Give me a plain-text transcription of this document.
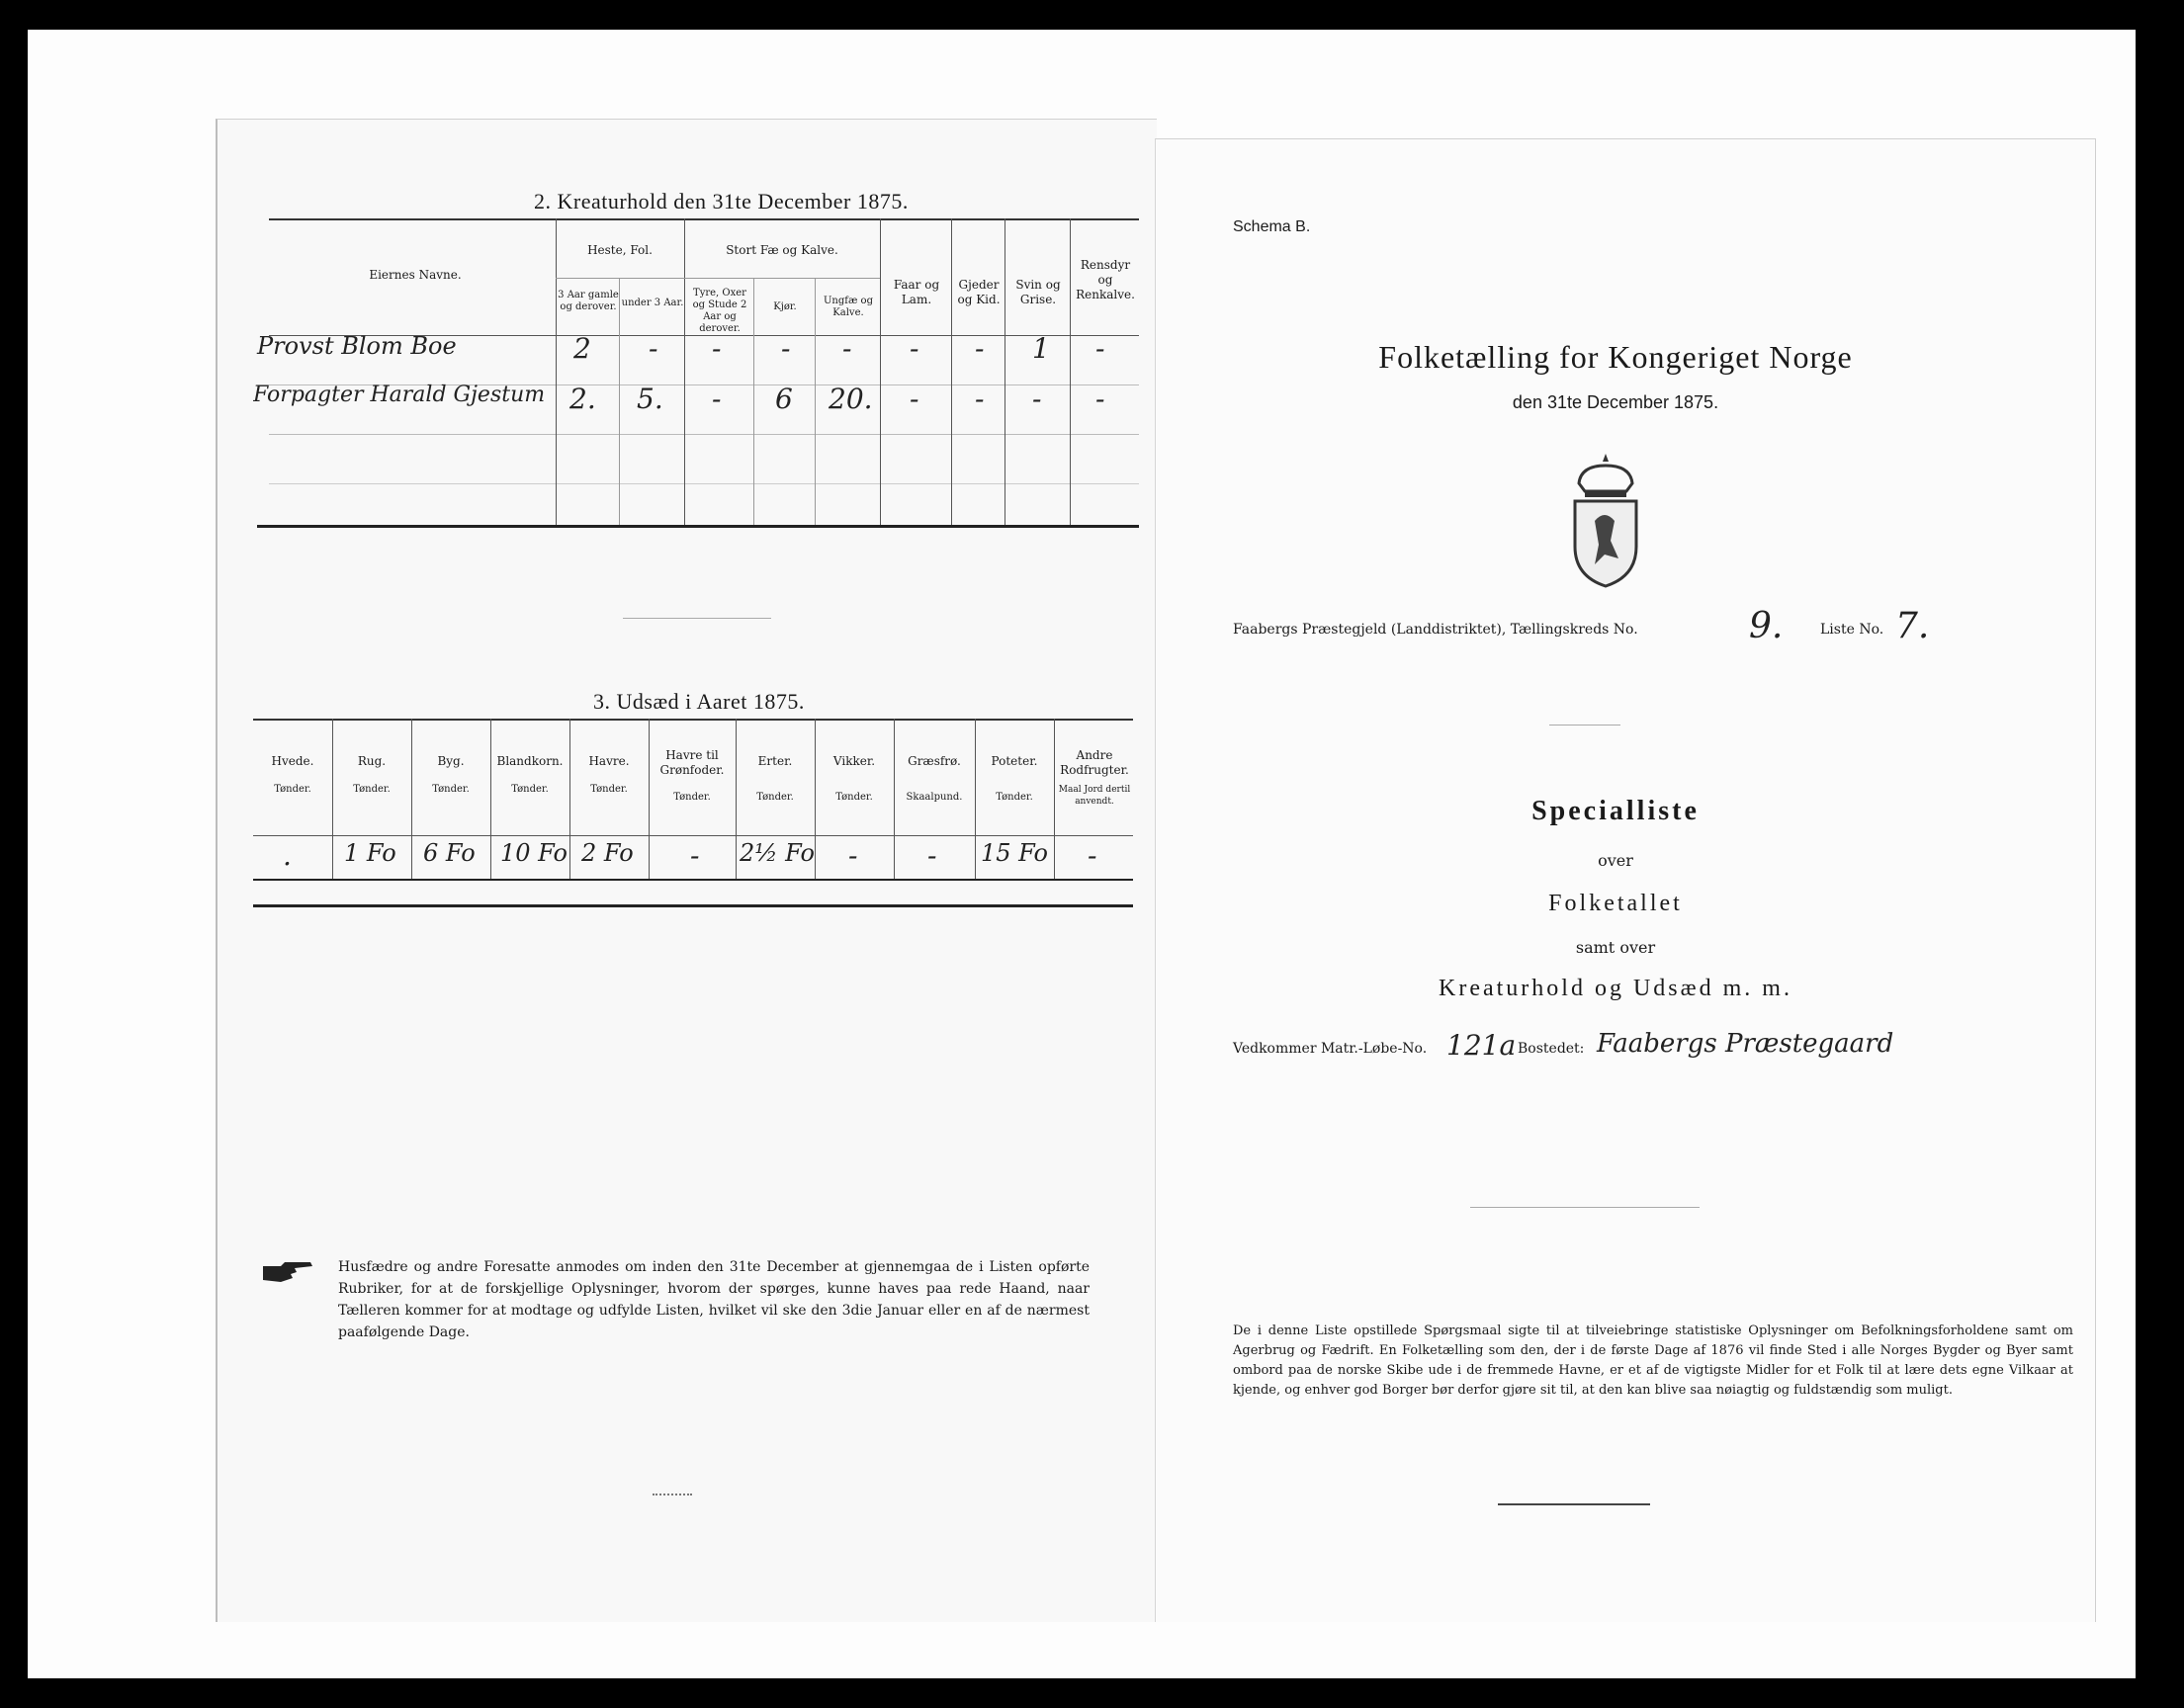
2. Kreaturhold den 31te December 1875.
Eiernes Navne.
Heste, Fol.
3 Aar gamle og derover. under 3 Aar.
Stort Fæ og Kalve.
Tyre, Oxer og Stude 2 Aar og derover.
Kjør.
Ungfæ og Kalve.
Faar og Lam.
Gjeder og Kid.
Svin og Grise.
Rensdyr og Renkalve.
Provst Blom Boe	2 - - - - - - 1 -
Forpagter Harald Gjestum 2. 5. - 6 20. - - - -
3. Udsæd i Aaret 1875.
Hvede.
Tønder.
Rug.
Tønder.
Byg.
Tønder.
Blandkorn.
Tønder.
Havre.
Tønder.
Havre til Grønfoder.
Tønder.
Erter.
Tønder.
Vikker.
Tønder.
Græsfrø.
Skaalpund.
Poteter.
Tønder.
Andre Rodfrugter.
Maal Jord dertil anvendt.
. 1 Fo 6 Fo 10 Fo 2 Fo - 2½ Fo -	- 15 Fo -
Husfædre og andre Foresatte anmodes om inden den 31te December at gjennemgaa de i Listen opførte Rubriker, for at de forskjellige Oplysninger, hvorom der spørges, kunne haves paa rede Haand, naar Tælleren kommer for at modtage og udfylde Listen, hvilket vil ske den 3die Januar eller en af de nærmest paafølgende Dage.
Schema B.
Folketælling for Kongeriget Norge
den 31te December 1875.
Faabergs Præstegjeld (Landdistriktet), Tællingskreds No.	9.	Liste No. 7.
Specialliste
over
Folketallet
samt over
Kreaturhold og Udsæd m. m.
Vedkommer Matr.-Løbe-No. 121a Bostedet: Faabergs Præstegaard
De i denne Liste opstillede Spørgsmaal sigte til at tilveiebringe statistiske Oplysninger om Befolkningsforholdene samt om Agerbrug og Fædrift. En Folketælling som den, der i de første Dage af 1876 vil finde Sted i alle Norges Bygder og Byer samt ombord paa de norske Skibe ude i de fremmede Havne, er et af de vigtigste Midler for et Folk til at lære dets egne Vilkaar at kjende, og enhver god Borger bør derfor gjøre sit til, at den kan blive saa nøiagtig og fuldstændig som muligt.
